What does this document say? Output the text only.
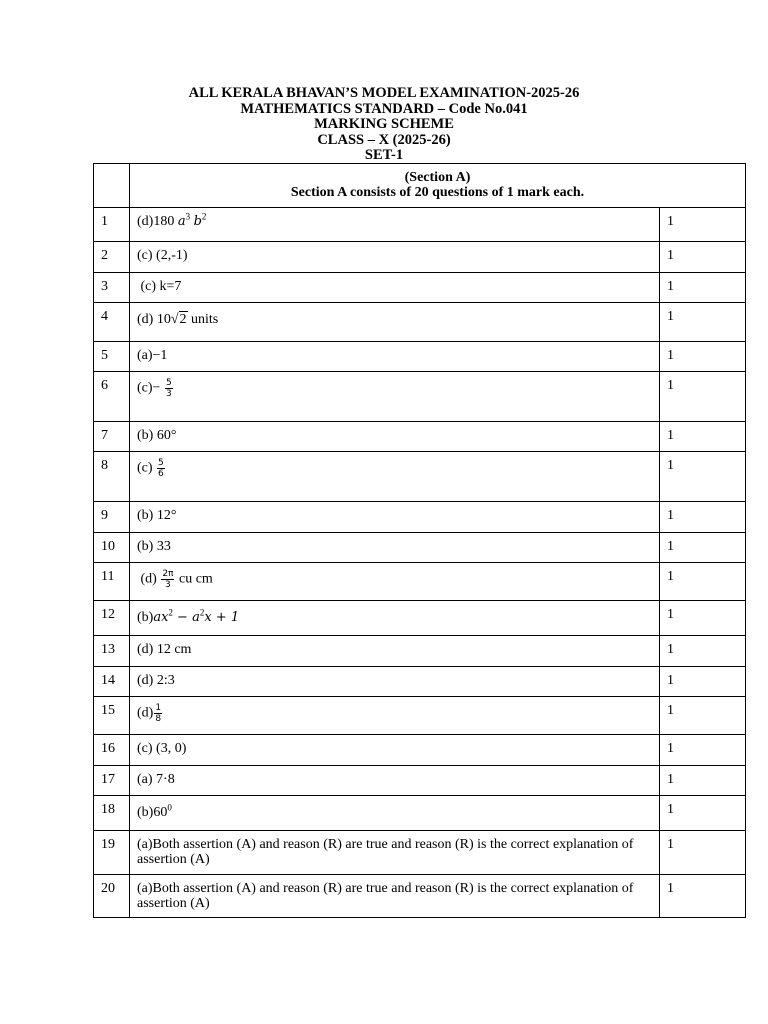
ALL KERALA BHAVAN’S MODEL EXAMINATION-2025-26
MATHEMATICS STANDARD – Code No.041
MARKING SCHEME
CLASS – X (2025-26)
SET-1

	(Section A)
Section A consists of 20 questions of 1 mark each.	

1	(d)180 $a^3$ $b^2$	1
2	(c) (2,-1)	1
3	(c) k=7	1
4	(d) 10√2 units	1
5	(a)−1	1
6	$(c)- \frac{5}{3}$	1
7	(b) 60°	1
8	$(c) \frac{5}{6}$	1
9	(b) 12°	1
10	(b) 33	1
11	$(d) \frac{2\pi}{3}$ cu cm	1
12	$(b)ax^2 - a^2x + 1$	1
13	(d) 12 cm	1
14	(d) 2:3	1
15	$(d) \frac{1}{8}$	1
16	(c) (3, 0)	1
17	(a) 7·8	1
18	$(b)60^0$	1
19	(a)Both assertion (A) and reason (R) are true and reason (R) is the correct explanation of assertion (A)	1
20	(a)Both assertion (A) and reason (R) are true and reason (R) is the correct explanation of assertion (A)	1
